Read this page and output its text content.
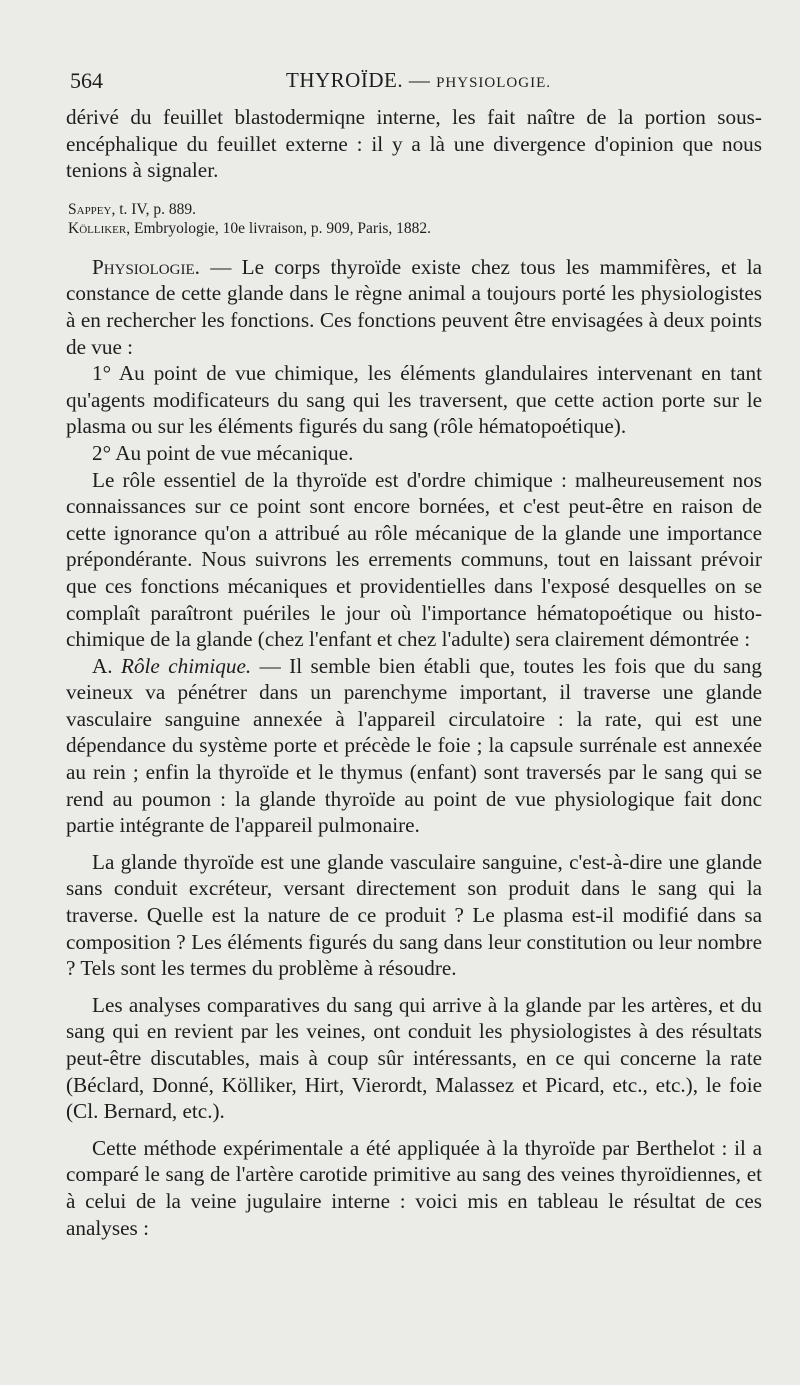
564	THYROÏDE. — PHYSIOLOGIE.

dérivé du feuillet blastodermiqne interne, les fait naître de la portion sous-encéphalique du feuillet externe : il y a là une divergence d'opinion que nous tenions à signaler.

Sappey, t. IV, p. 889.
Kölliker, Embryologie, 10e livraison, p. 909, Paris, 1882.

Physiologie. — Le corps thyroïde existe chez tous les mammifères, et la constance de cette glande dans le règne animal a toujours porté les physiologistes à en rechercher les fonctions. Ces fonctions peuvent être envisagées à deux points de vue :

1° Au point de vue chimique, les éléments glandulaires intervenant en tant qu'agents modificateurs du sang qui les traversent, que cette action porte sur le plasma ou sur les éléments figurés du sang (rôle hématopoétique).

2° Au point de vue mécanique.

Le rôle essentiel de la thyroïde est d'ordre chimique : malheureusement nos connaissances sur ce point sont encore bornées, et c'est peut-être en raison de cette ignorance qu'on a attribué au rôle mécanique de la glande une importance prépondérante. Nous suivrons les errements communs, tout en laissant prévoir que ces fonctions mécaniques et providentielles dans l'exposé desquelles on se complaît paraîtront puériles le jour où l'importance hématopoétique ou histo-chimique de la glande (chez l'enfant et chez l'adulte) sera clairement démontrée :

A. Rôle chimique. — Il semble bien établi que, toutes les fois que du sang veineux va pénétrer dans un parenchyme important, il traverse une glande vasculaire sanguine annexée à l'appareil circulatoire : la rate, qui est une dépendance du système porte et précède le foie ; la capsule surrénale est annexée au rein ; enfin la thyroïde et le thymus (enfant) sont traversés par le sang qui se rend au poumon : la glande thyroïde au point de vue physiologique fait donc partie intégrante de l'appareil pulmonaire.

La glande thyroïde est une glande vasculaire sanguine, c'est-à-dire une glande sans conduit excréteur, versant directement son produit dans le sang qui la traverse. Quelle est la nature de ce produit ? Le plasma est-il modifié dans sa composition ? Les éléments figurés du sang dans leur constitution ou leur nombre ? Tels sont les termes du problème à résoudre.

Les analyses comparatives du sang qui arrive à la glande par les artères, et du sang qui en revient par les veines, ont conduit les physiologistes à des résultats peut-être discutables, mais à coup sûr intéressants, en ce qui concerne la rate (Béclard, Donné, Kölliker, Hirt, Vierordt, Malassez et Picard, etc., etc.), le foie (Cl. Bernard, etc.).

Cette méthode expérimentale a été appliquée à la thyroïde par Berthelot : il a comparé le sang de l'artère carotide primitive au sang des veines thyroïdiennes, et à celui de la veine jugulaire interne : voici mis en tableau le résultat de ces analyses :
